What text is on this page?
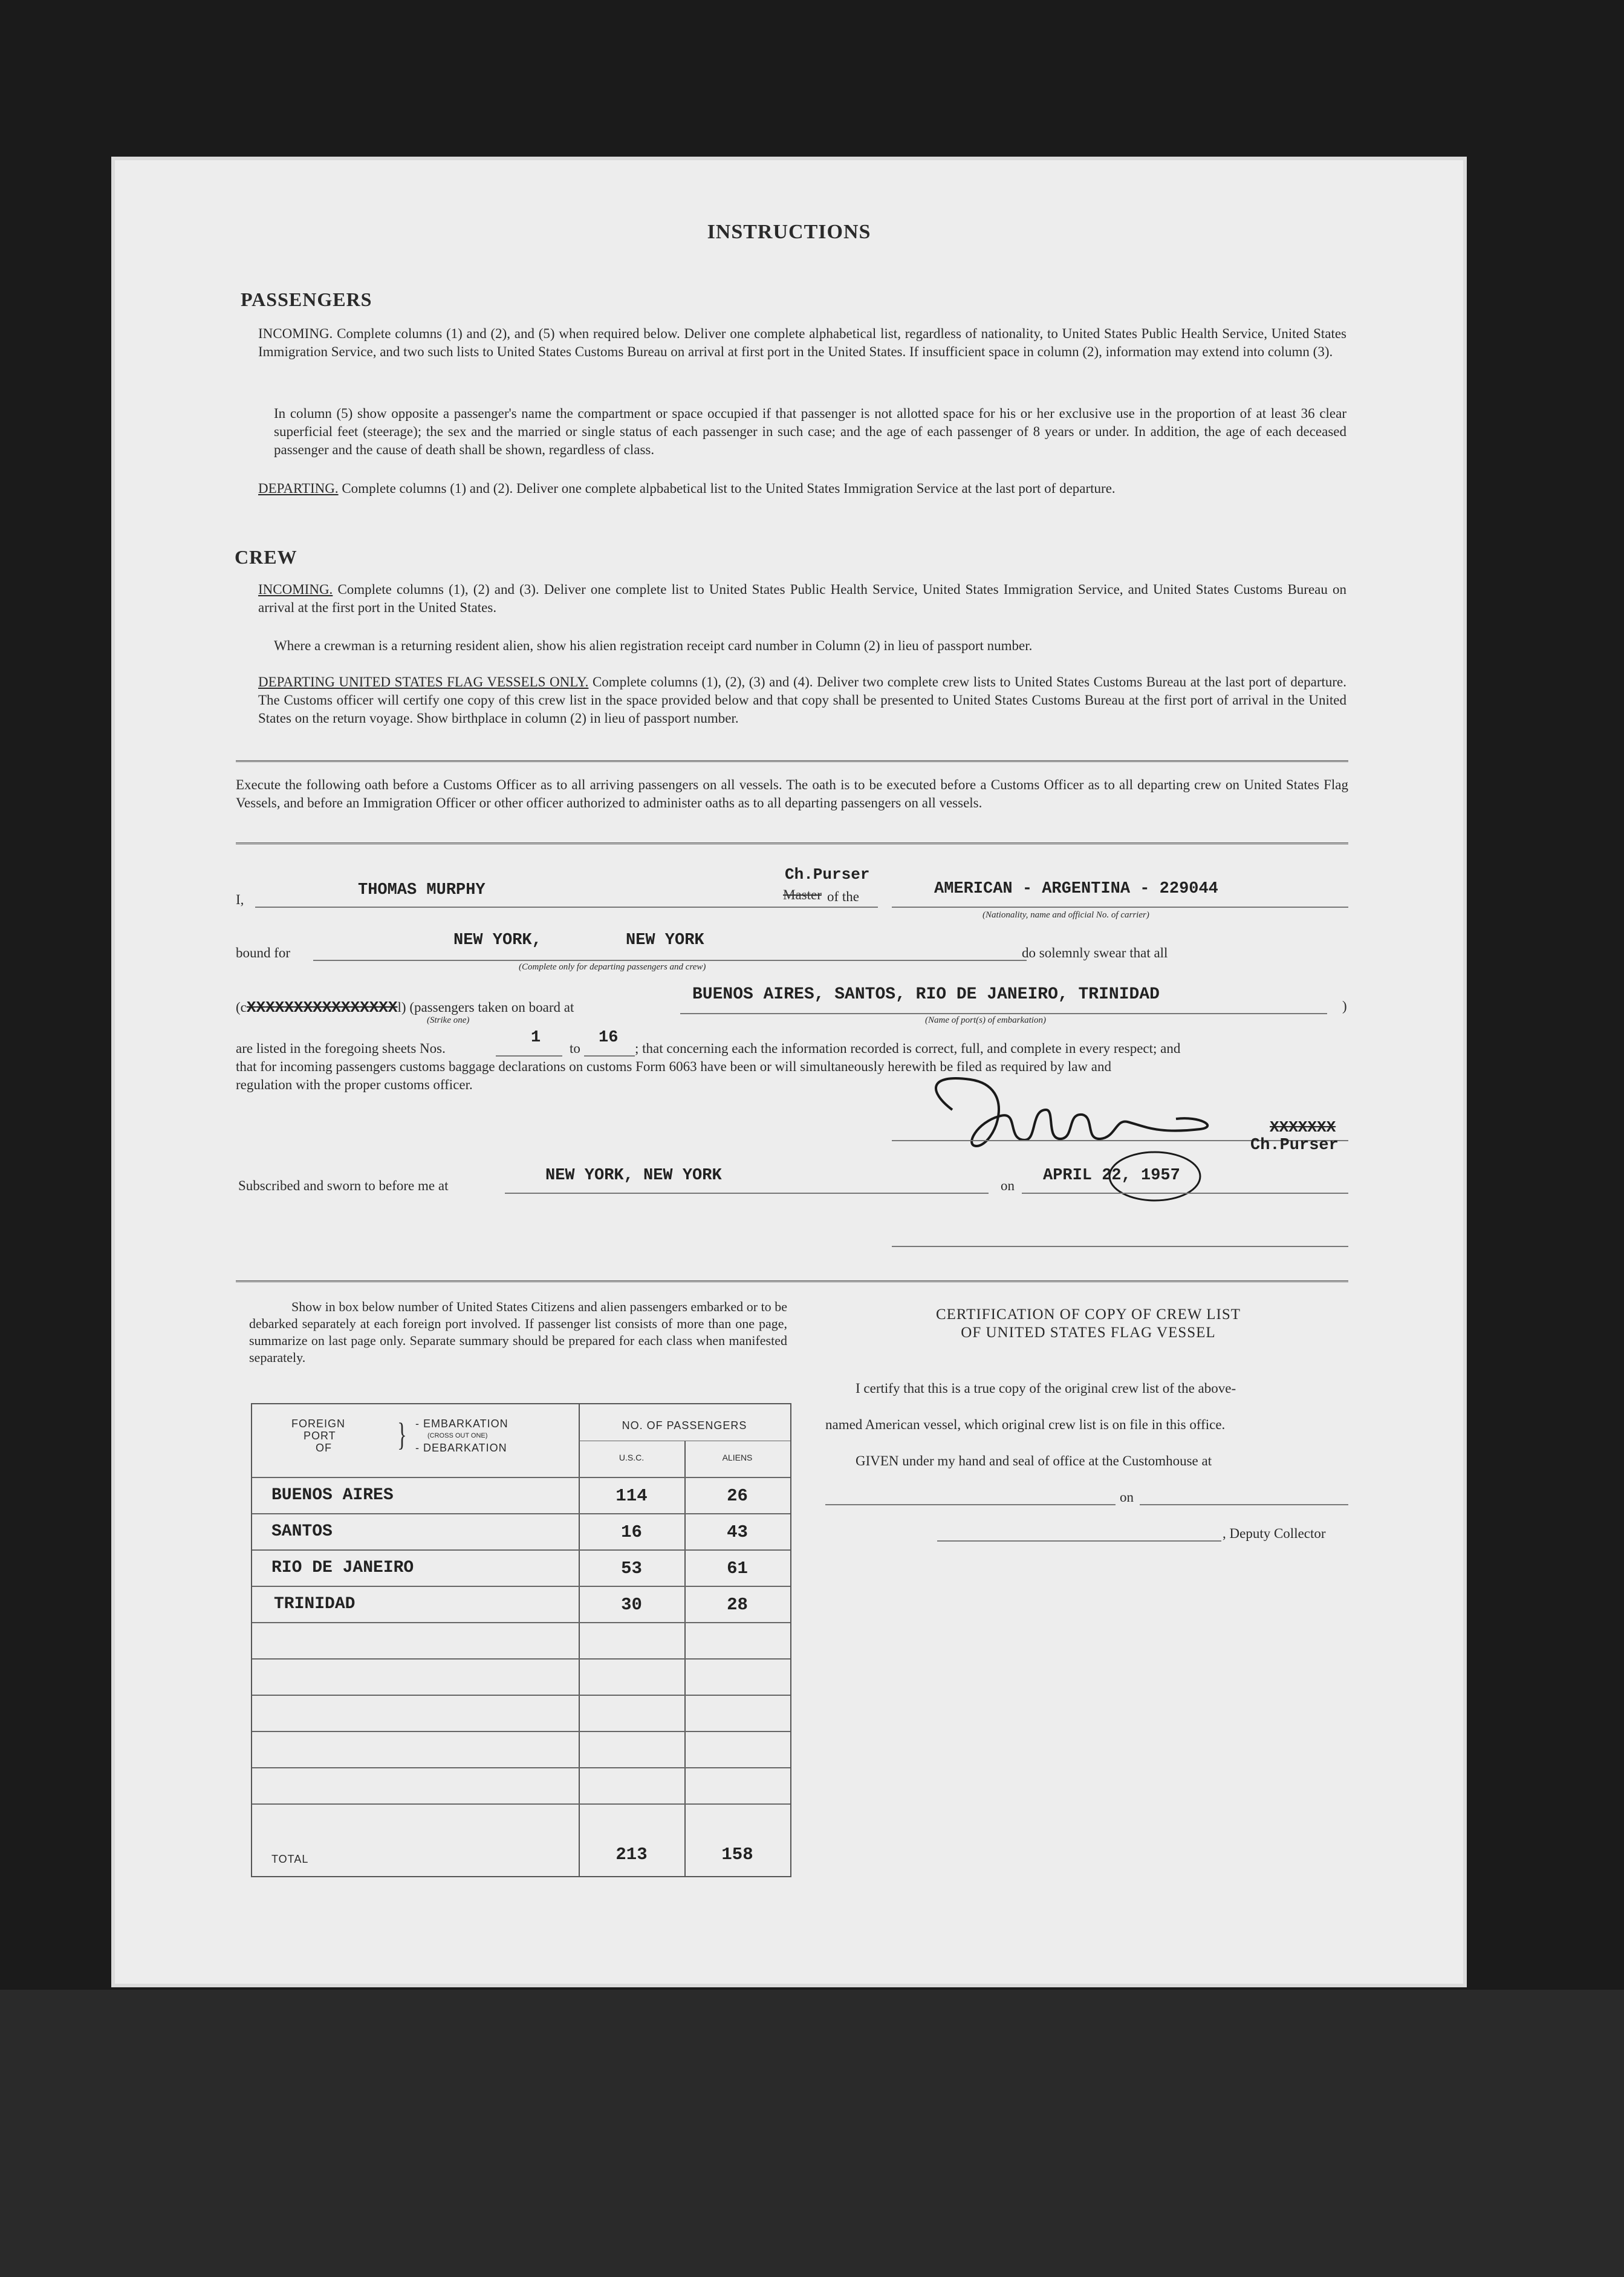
INSTRUCTIONS
PASSENGERS
INCOMING. Complete columns (1) and (2), and (5) when required below. Deliver one complete alphabetical list, regardless of nationality, to United States Public Health Service, United States Immigration Service, and two such lists to United States Customs Bureau on arrival at first port in the United States. If insufficient space in column (2), information may extend into column (3).
In column (5) show opposite a passenger's name the compartment or space occupied if that passenger is not allotted space for his or her exclusive use in the proportion of at least 36 clear superficial feet (steerage); the sex and the married or single status of each passenger in such case; and the age of each passenger of 8 years or under. In addition, the age of each deceased passenger and the cause of death shall be shown, regardless of class.
DEPARTING. Complete columns (1) and (2). Deliver one complete alpbabetical list to the United States Immigration Service at the last port of departure.
CREW
INCOMING. Complete columns (1), (2) and (3). Deliver one complete list to United States Public Health Service, United States Immigration Service, and United States Customs Bureau on arrival at the first port in the United States.
Where a crewman is a returning resident alien, show his alien registration receipt card number in Column (2) in lieu of passport number.
DEPARTING UNITED STATES FLAG VESSELS ONLY. Complete columns (1), (2), (3) and (4). Deliver two complete crew lists to United States Customs Bureau at the last port of departure. The Customs officer will certify one copy of this crew list in the space provided below and that copy shall be presented to United States Customs Bureau at the first port of arrival in the United States on the return voyage. Show birthplace in column (2) in lieu of passport number.
Execute the following oath before a Customs Officer as to all arriving passengers on all vessels. The oath is to be executed before a Customs Officer as to all departing crew on United States Flag Vessels, and before an Immigration Officer or other officer authorized to administer oaths as to all departing passengers on all vessels.
I,
THOMAS MURPHY
Ch.Purser
Master of the	AMERICAN - ARGENTINA - 229044
(Nationality, name and official No. of carrier)
bound for
NEW YORK,	NEW YORK
(Complete only for departing passengers and crew)
do solemnly swear that all
(cXXXXXXXXXXXXXXXXl) (passengers taken on board at
(Strike one)
BUENOS AIRES, SANTOS, RIO DE JANEIRO, TRINIDAD
(Name of port(s) of embarkation)
)
are listed in the foregoing sheets Nos.
1
to
16
; that concerning each the information recorded is correct, full, and complete in every respect; and
that for incoming passengers customs baggage declarations on customs Form 6063 have been or will simultaneously herewith be filed as required by law and
regulation with the proper customs officer.
XXXXXXX
Ch.Purser
Subscribed and sworn to before me at
NEW YORK, NEW YORK
on
APRIL 22, 1957
Show in box below number of United States Citizens and alien passengers embarked or to be debarked separately at each foreign port involved. If passenger list consists of more than one page, summarize on last page only. Separate summary should be prepared for each class when manifested separately.
FOREIGN
PORT
OF } - EMBARKATION
(CROSS OUT ONE)
- DEBARKATION
NO. OF PASSENGERS
U.S.C.	ALIENS
BUENOS AIRES	114	26
SANTOS	16	43
RIO DE JANEIRO	53	61
TRINIDAD	30	28
TOTAL	213	158
CERTIFICATION OF COPY OF CREW LIST
OF UNITED STATES FLAG VESSEL
I certify that this is a true copy of the original crew list of the above-
named American vessel, which original crew list is on file in this office.
GIVEN under my hand and seal of office at the Customhouse at
on
, Deputy Collector
